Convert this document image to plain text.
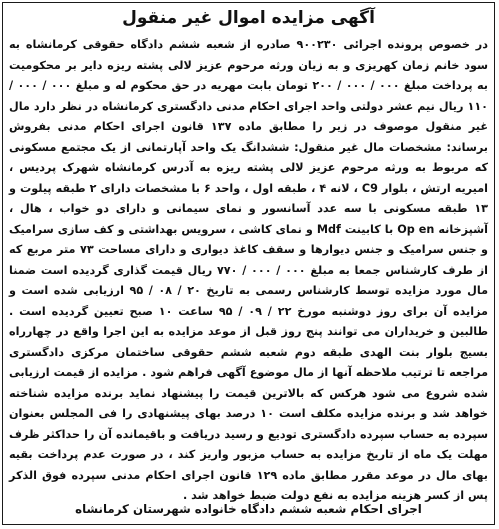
آگهی مزایده اموال غیر منقول

در خصوص پرونده اجرائی ۹۰۰۲۳۰ صادره از شعبه ششم دادگاه حقوقی کرمانشاه به سود خانم زمان کهریزی و به زیان ورثه مرحوم عزیز لالی پشته ریزه دایر بر محکومیت به پرداخت مبلغ ۰۰۰ / ۰۰۰ / ۲۰۰ تومان بابت مهریه در حق محکوم له و مبلغ ۰۰۰ / ۰۰۰ / ۱۱۰ ریال نیم عشر دولتی واحد اجرای احکام مدنی دادگستری کرمانشاه در نظر دارد مال غیر منقول موصوف در زیر را مطابق ماده ۱۳۷ قانون اجرای احکام مدنی بفروش برساند: مشخصات مال غیر منقول: ششدانگ یک واحد آپارتمانی از یک مجتمع مسکونی که مربوط به ورثه مرحوم عزیز لالی پشته ریزه به آدرس کرمانشاه شهرک پردیس ، امیریه ارتش ، بلوار C9 ، لانه ۴ ، طبقه اول ، واحد ۶ با مشخصات دارای ۲ طبقه پیلوت و ۱۳ طبقه مسکونی با سه عدد آسانسور و نمای سیمانی و دارای دو خواب ، هال ، آشپزخانه Op en با کابینت Mdf و نمای کاشی ، سرویس بهداشتی و کف سازی سرامیک و جنس سرامیک و جنس دیوارها و سقف کاغذ دیواری و دارای مساحت ۷۳ متر مربع که از طرف کارشناس جمعا به مبلغ ۰۰۰ / ۰۰۰ / ۷۷۰ ریال قیمت گذاری گردیده است ضمنا مال مورد مزایده توسط کارشناس رسمی به تاریخ ۲۰ / ۰۸ / ۹۵ ارزیابی شده است و مزایده آن برای روز دوشنبه مورخ ۲۲ / ۰۹ / ۹۵ ساعت ۱۰ صبح تعیین گردیده است . طالبین و خریداران می توانند پنج روز قبل از موعد مزایده به این اجرا واقع در چهارراه بسیج بلوار بنت الهدی طبقه دوم شعبه ششم حقوقی ساختمان مرکزی دادگستری مراجعه تا ترتیب ملاحظه آنها از مال موضوع آگهی فراهم شود . مزایده از قیمت ارزیابی شده شروع می شود هرکس که بالاترین قیمت را پیشنهاد نماید برنده مزایده شناخته خواهد شد و برنده مزایده مکلف است ۱۰ درصد بهای پیشنهادی را فی المجلس بعنوان سپرده به حساب سپرده دادگستری تودیع و رسید دریافت و باقیمانده آن را حداکثر ظرف مهلت یک ماه از تاریخ مزایده به حساب مزبور واریز کند ، در صورت عدم پرداخت بقیه بهای مال در موعد مقرر مطابق ماده ۱۲۹ قانون اجرای احکام مدنی سپرده فوق الذکر پس از کسر هزینه مزایده به نفع دولت ضبط خواهد شد .

اجرای احکام شعبه ششم دادگاه خانواده شهرستان کرمانشاه
